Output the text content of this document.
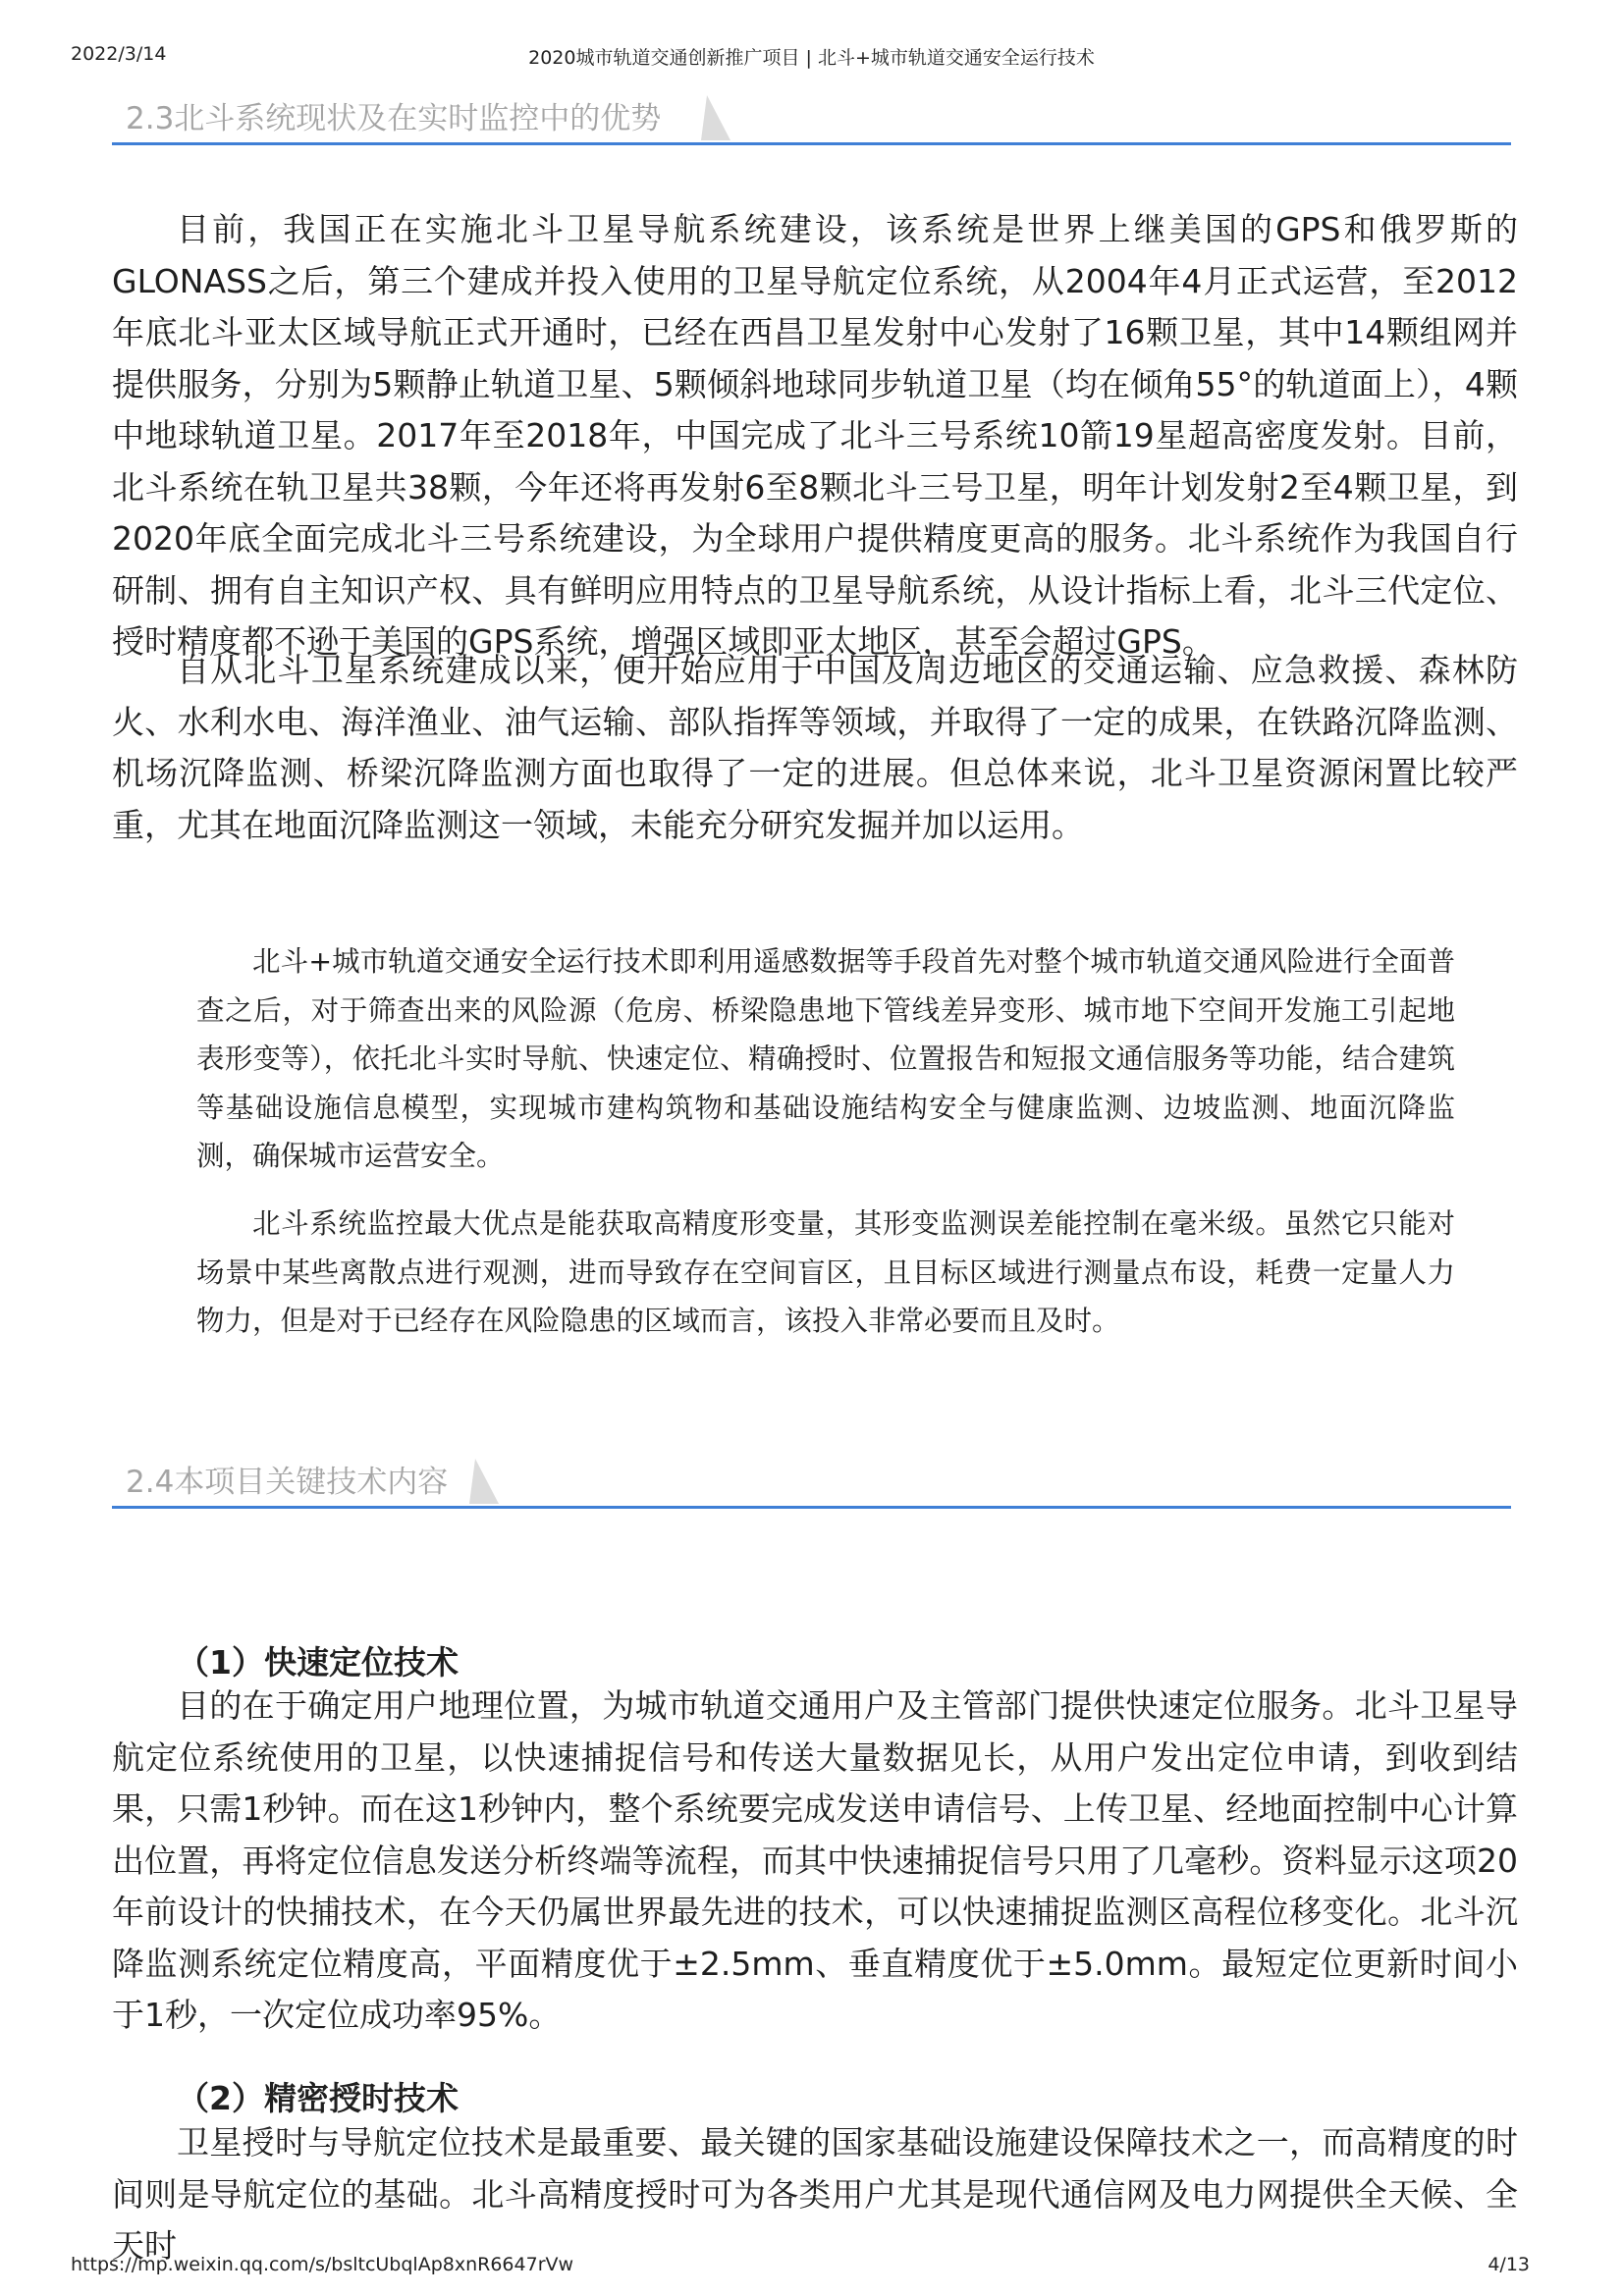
2022/3/14	2020城市轨道交通创新推广项目 | 北斗+城市轨道交通安全运行技术
2.3北斗系统现状及在实时监控中的优势

目前，我国正在实施北斗卫星导航系统建设，该系统是世界上继美国的GPS和俄罗斯的GLONASS之后，第三个建成并投入使用的卫星导航定位系统，从2004年4月正式运营，至2012年底北斗亚太区域导航正式开通时，已经在西昌卫星发射中心发射了16颗卫星，其中14颗组网并提供服务，分别为5颗静止轨道卫星、5颗倾斜地球同步轨道卫星（均在倾角55°的轨道面上），4颗中地球轨道卫星。2017年至2018年，中国完成了北斗三号系统10箭19星超高密度发射。目前，北斗系统在轨卫星共38颗，今年还将再发射6至8颗北斗三号卫星，明年计划发射2至4颗卫星，到2020年底全面完成北斗三号系统建设，为全球用户提供精度更高的服务。北斗系统作为我国自行研制、拥有自主知识产权、具有鲜明应用特点的卫星导航系统，从设计指标上看，北斗三代定位、授时精度都不逊于美国的GPS系统，增强区域即亚太地区，甚至会超过GPS。

自从北斗卫星系统建成以来，便开始应用于中国及周边地区的交通运输、应急救援、森林防火、水利水电、海洋渔业、油气运输、部队指挥等领域，并取得了一定的成果，在铁路沉降监测、机场沉降监测、桥梁沉降监测方面也取得了一定的进展。但总体来说，北斗卫星资源闲置比较严重，尤其在地面沉降监测这一领域，未能充分研究发掘并加以运用。

北斗+城市轨道交通安全运行技术即利用遥感数据等手段首先对整个城市轨道交通风险进行全面普查之后，对于筛查出来的风险源（危房、桥梁隐患地下管线差异变形、城市地下空间开发施工引起地表形变等），依托北斗实时导航、快速定位、精确授时、位置报告和短报文通信服务等功能，结合建筑等基础设施信息模型，实现城市建构筑物和基础设施结构安全与健康监测、边坡监测、地面沉降监测，确保城市运营安全。

北斗系统监控最大优点是能获取高精度形变量，其形变监测误差能控制在毫米级。虽然它只能对场景中某些离散点进行观测，进而导致存在空间盲区，且目标区域进行测量点布设，耗费一定量人力物力，但是对于已经存在风险隐患的区域而言，该投入非常必要而且及时。

2.4本项目关键技术内容
（1）快速定位技术

目的在于确定用户地理位置，为城市轨道交通用户及主管部门提供快速定位服务。北斗卫星导航定位系统使用的卫星，以快速捕捉信号和传送大量数据见长，从用户发出定位申请，到收到结果，只需1秒钟。而在这1秒钟内，整个系统要完成发送申请信号、上传卫星、经地面控制中心计算出位置，再将定位信息发送分析终端等流程，而其中快速捕捉信号只用了几毫秒。资料显示这项20年前设计的快捕技术，在今天仍属世界最先进的技术，可以快速捕捉监测区高程位移变化。北斗沉降监测系统定位精度高，平面精度优于±2.5mm、垂直精度优于±5.0mm。最短定位更新时间小于1秒，一次定位成功率95%。

（2）精密授时技术

卫星授时与导航定位技术是最重要、最关键的国家基础设施建设保障技术之一，而高精度的时间则是导航定位的基础。北斗高精度授时可为各类用户尤其是现代通信网及电力网提供全天候、全天时

https://mp.weixin.qq.com/s/bsltcUbqlAp8xnR6647rVw	4/13
